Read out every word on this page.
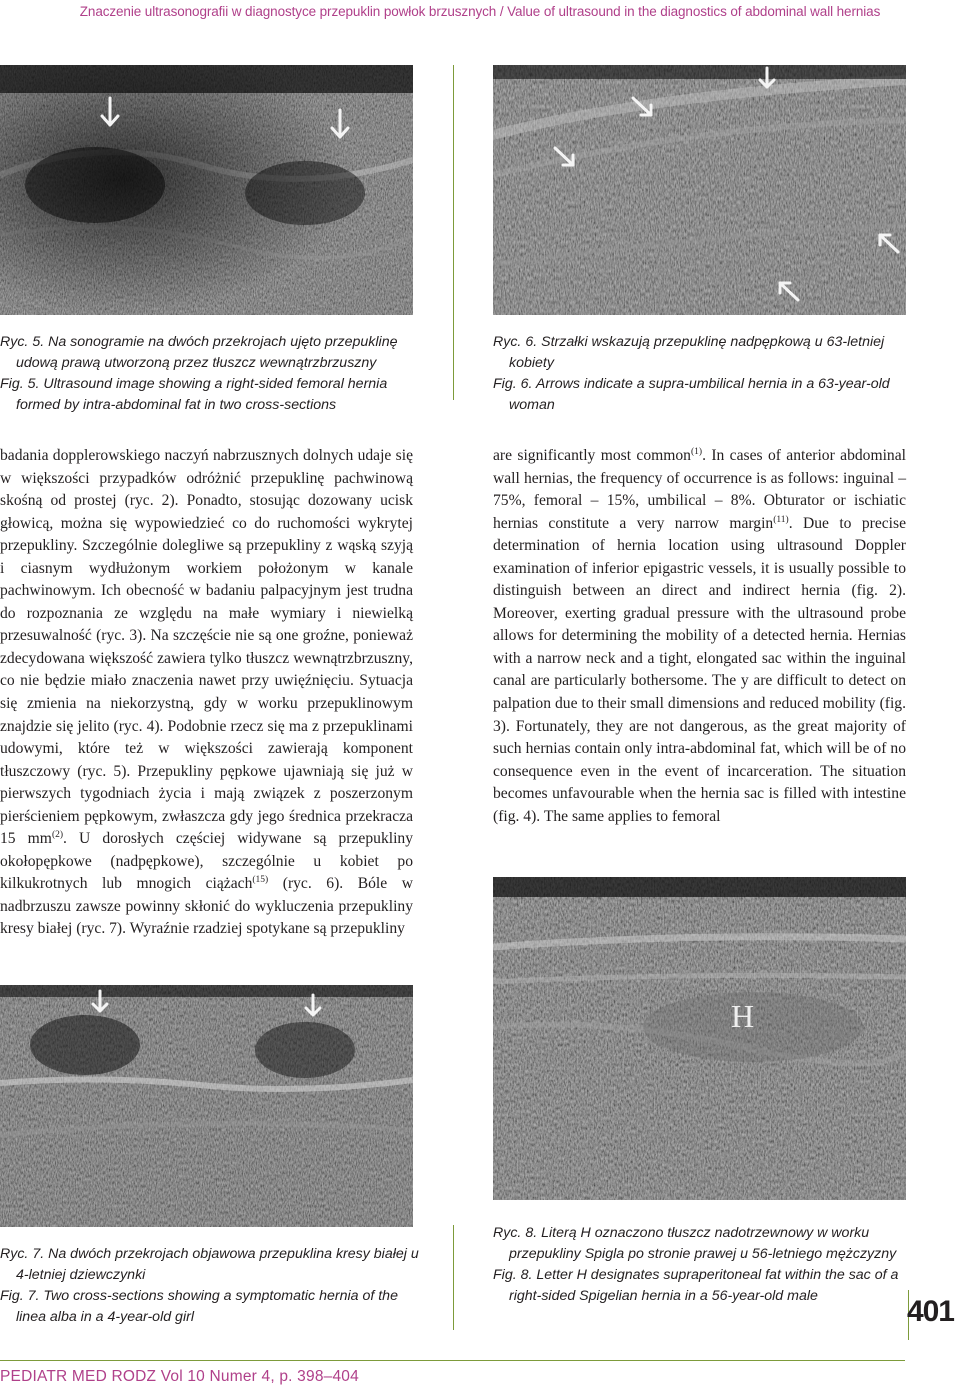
Znaczenie ultrasonografii w diagnostyce przepuklin powłok brzusznych / Value of ultrasound in the diagnostics of abdominal wall hernias

Ryc. 5. Na sonogramie na dwóch przekrojach ujęto przepuklinę udową prawą utworzoną przez tłuszcz wewnątrzbrzuszny

Fig. 5. Ultrasound image showing a right-sided femoral hernia formed by intra-abdominal fat in two cross-sections

Ryc. 6. Strzałki wskazują przepuklinę nadpępkową u 63-letniej kobiety

Fig. 6. Arrows indicate a supra-umbilical hernia in a 63-year-old woman

badania dopplerowskiego naczyń nabrzusznych dolnych udaje się w większości przypadków odróżnić przepuklinę pachwinową skośną od prostej (ryc. 2). Ponadto, stosując dozowany ucisk głowicą, można się wypowiedzieć co do ruchomości wykrytej przepukliny. Szczególnie dolegliwe są przepukliny z wąską szyją i ciasnym wydłużonym workiem położonym w kanale pachwinowym. Ich obecność w badaniu palpacyjnym jest trudna do rozpoznania ze względu na małe wymiary i niewielką przesuwalność (ryc. 3). Na szczęście nie są one groźne, ponieważ zdecydowana większość zawiera tylko tłuszcz wewnątrzbrzuszny, co nie będzie miało znaczenia nawet przy uwięźnięciu. Sytuacja się zmienia na niekorzystną, gdy w worku przepuklinowym znajdzie się jelito (ryc. 4). Podobnie rzecz się ma z przepuklinami udowymi, które też w większości zawierają komponent tłuszczowy (ryc. 5). Przepukliny pępkowe ujawniają się już w pierwszych tygodniach życia i mają związek z poszerzonym pierścieniem pępkowym, zwłaszcza gdy jego średnica przekracza 15 $mm^{(2)}$. U dorosłych częściej widywane są przepukliny okołopępkowe (nadpępkowe), szczególnie u kobiet po kilkukrotnych lub mnogich ciążach$^{(15)}$ (ryc. 6). Bóle w nadbrzuszu zawsze powinny skłonić do wykluczenia przepukliny kresy białej (ryc. 7). Wyraźnie rzadziej spotykane są przepukliny

are significantly most common$^{(1)}$. In cases of anterior abdominal wall hernias, the frequency of occurrence is as follows: inguinal – 75%, femoral – 15%, umbilical – 8%. Obturator or ischiatic hernias constitute a very narrow margin$^{(11)}$. Due to precise determination of hernia location using ultrasound Doppler examination of inferior epigastric vessels, it is usually possible to distinguish between an direct and indirect hernia (fig. 2). Moreover, exerting gradual pressure with the ultrasound probe allows for determining the mobility of a detected hernia. Hernias with a narrow neck and a tight, elongated sac within the inguinal canal are particularly bothersome. The y are difficult to detect on palpation due to their small dimensions and reduced mobility (fig. 3). Fortunately, they are not dangerous, as the great majority of such hernias contain only intra-abdominal fat, which will be of no consequence even in the event of incarceration. The situation becomes unfavourable when the hernia sac is filled with intestine (fig. 4). The same applies to femoral

H

Ryc. 7. Na dwóch przekrojach objawowa przepuklina kresy białej u 4-letniej dziewczynki

Fig. 7. Two cross-sections showing a symptomatic hernia of the linea alba in a 4-year-old girl

Ryc. 8. Literą H oznaczono tłuszcz nadotrzewnowy w worku przepukliny Spigla po stronie prawej u 56-letniego mężczyzny

Fig. 8. Letter H designates supraperitoneal fat within the sac of a right-sided Spigelian hernia in a 56-year-old male	401
PEDIATR MED RODZ Vol 10 Numer 4, p. 398–404
